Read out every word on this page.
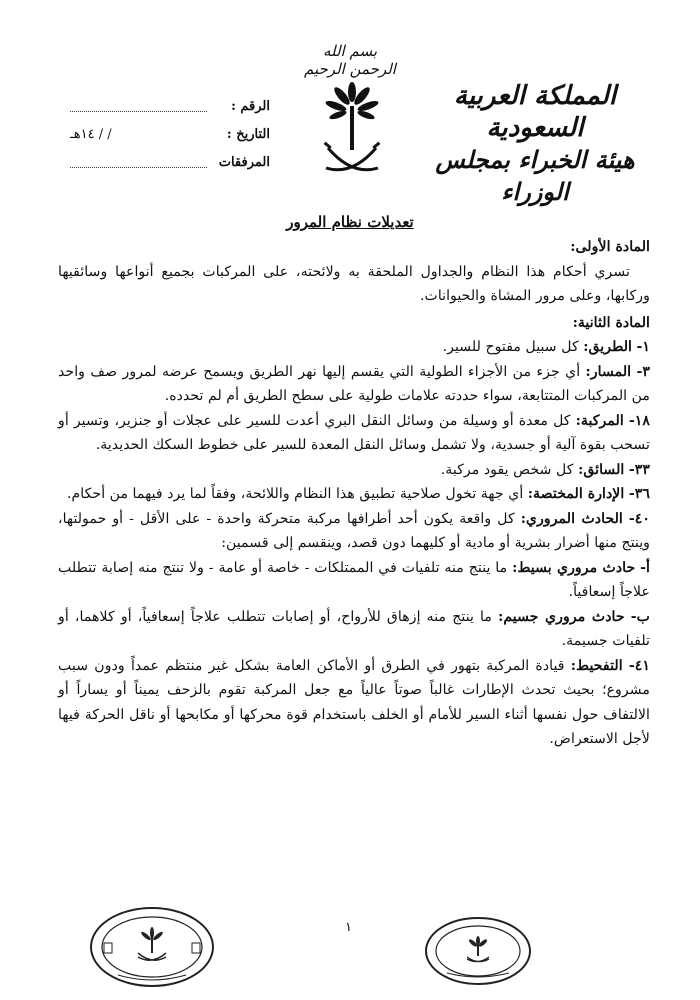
بسم الله الرحمن الرحيم
المملكة العربية السعودية
هيئة الخبراء بمجلس الوزراء
الرقم :
التاريخ :
/ / ١٤هـ
المرفقات
تعديلات نظام المرور

المادة الأولى:

تسري أحكام هذا النظام والجداول الملحقة به ولائحته، على المركبات بجميع أنواعها وسائقيها وركابها، وعلى مرور المشاة والحيوانات.

المادة الثانية:

١- الطريق: كل سبيل مفتوح للسير.

٣- المسار: أي جزء من الأجزاء الطولية التي يقسم إليها نهر الطريق ويسمح عرضه لمرور صف واحد من المركبات المتتابعة، سواء حددته علامات طولية على سطح الطريق أم لم تحدده.

١٨- المركبة: كل معدة أو وسيلة من وسائل النقل البري أعدت للسير على عجلات أو جنزير، وتسير أو تسحب بقوة آلية أو جسدية، ولا تشمل وسائل النقل المعدة للسير على خطوط السكك الحديدية.

٣٣- السائق: كل شخص يقود مركبة.

٣٦- الإدارة المختصة: أي جهة تخول صلاحية تطبيق هذا النظام واللائحة، وفقاً لما يرد فيهما من أحكام.

٤٠- الحادث المروري: كل واقعة يكون أحد أطرافها مركبة متحركة واحدة - على الأقل - أو حمولتها، وينتج منها أضرار بشرية أو مادية أو كليهما دون قصد، وينقسم إلى قسمين:

أ- حادث مروري بسيط: ما ينتج منه تلفيات في الممتلكات - خاصة أو عامة - ولا تنتج منه إصابة تتطلب علاجاً إسعافياً.

ب- حادث مروري جسيم: ما ينتج منه إزهاق للأرواح، أو إصابات تتطلب علاجاً إسعافياً، أو كلاهما، أو تلفيات جسيمة.

٤١- التفحيط: قيادة المركبة بتهور في الطرق أو الأماكن العامة بشكل غير منتظم عمداً ودون سبب مشروع؛ بحيث تحدث الإطارات غالباً صوتاً عالياً مع جعل المركبة تقوم بالزحف يميناً أو يساراً أو الالتفاف حول نفسها أثناء السير للأمام أو الخلف باستخدام قوة محركها أو مكابحها أو ناقل الحركة فيها لأجل الاستعراض.

١
